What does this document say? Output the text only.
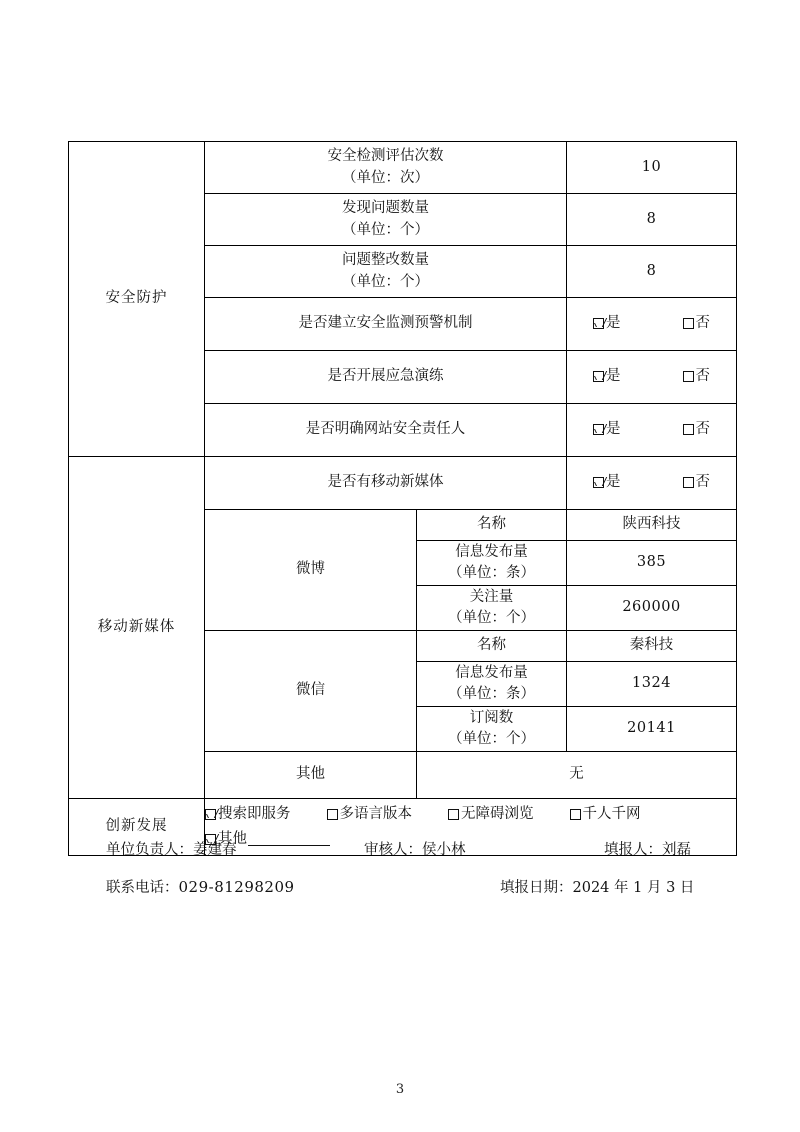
安全防护	安全检测评估次数
（单位：次）		10
	发现问题数量
（单位：个）		8
	问题整改数量
（单位：个）		8
	是否建立安全监测预警机制		是 否

	是否开展应急演练		是 否

	是否明确网站安全责任人		是 否

移动新媒体	是否有移动新媒体		是 否

	微博	名称	陕西科技
		信息发布量
（单位：条）	385
		关注量
（单位：个）	260000
	微信	名称	秦科技
		信息发布量
（单位：条）	1324
		订阅数
（单位：个）	20141
	其他	无	
创新发展	搜索即服务 多语言版本 无障碍浏览 千人千网
其他		
单位负责人：姜建春	审核人：侯小林	填报人：刘磊
联系电话：029-81298209	填报日期：2024 年 1 月 3 日
3
